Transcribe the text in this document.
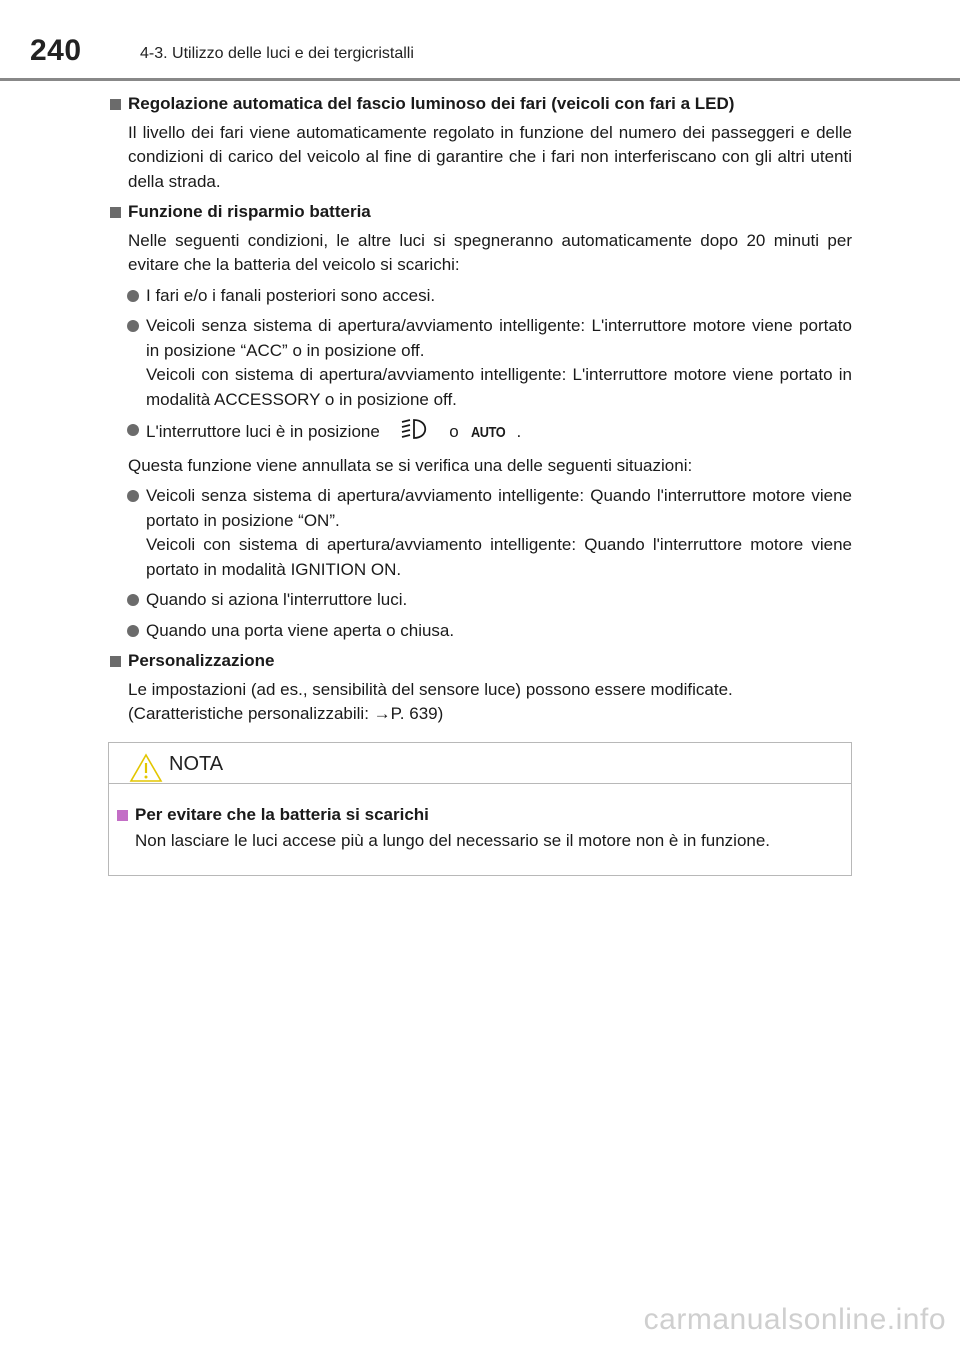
240	4-3. Utilizzo delle luci e dei tergicristalli
Regolazione automatica del fascio luminoso dei fari (veicoli con fari a LED)
Il livello dei fari viene automaticamente regolato in funzione del numero dei passeggeri e delle condizioni di carico del veicolo al fine di garantire che i fari non interferiscano con gli altri utenti della strada.
Funzione di risparmio batteria
Nelle seguenti condizioni, le altre luci si spegneranno automaticamente dopo 20 minuti per evitare che la batteria del veicolo si scarichi:
I fari e/o i fanali posteriori sono accesi.
Veicoli senza sistema di apertura/avviamento intelligente: L'interruttore motore viene portato in posizione “ACC” o in posizione off.
Veicoli con sistema di apertura/avviamento intelligente: L'interruttore motore viene portato in modalità ACCESSORY o in posizione off.
L'interruttore luci è in posizione	o AUTO .
Questa funzione viene annullata se si verifica una delle seguenti situazioni:
Veicoli senza sistema di apertura/avviamento intelligente: Quando l'interruttore motore viene portato in posizione “ON”.
Veicoli con sistema di apertura/avviamento intelligente: Quando l'interruttore motore viene portato in modalità IGNITION ON.
Quando si aziona l'interruttore luci.
Quando una porta viene aperta o chiusa.
Personalizzazione
Le impostazioni (ad es., sensibilità del sensore luce) possono essere modificate.
(Caratteristiche personalizzabili: →P. 639)
NOTA
Per evitare che la batteria si scarichi
Non lasciare le luci accese più a lungo del necessario se il motore non è in funzione.
carmanualsonline.info
